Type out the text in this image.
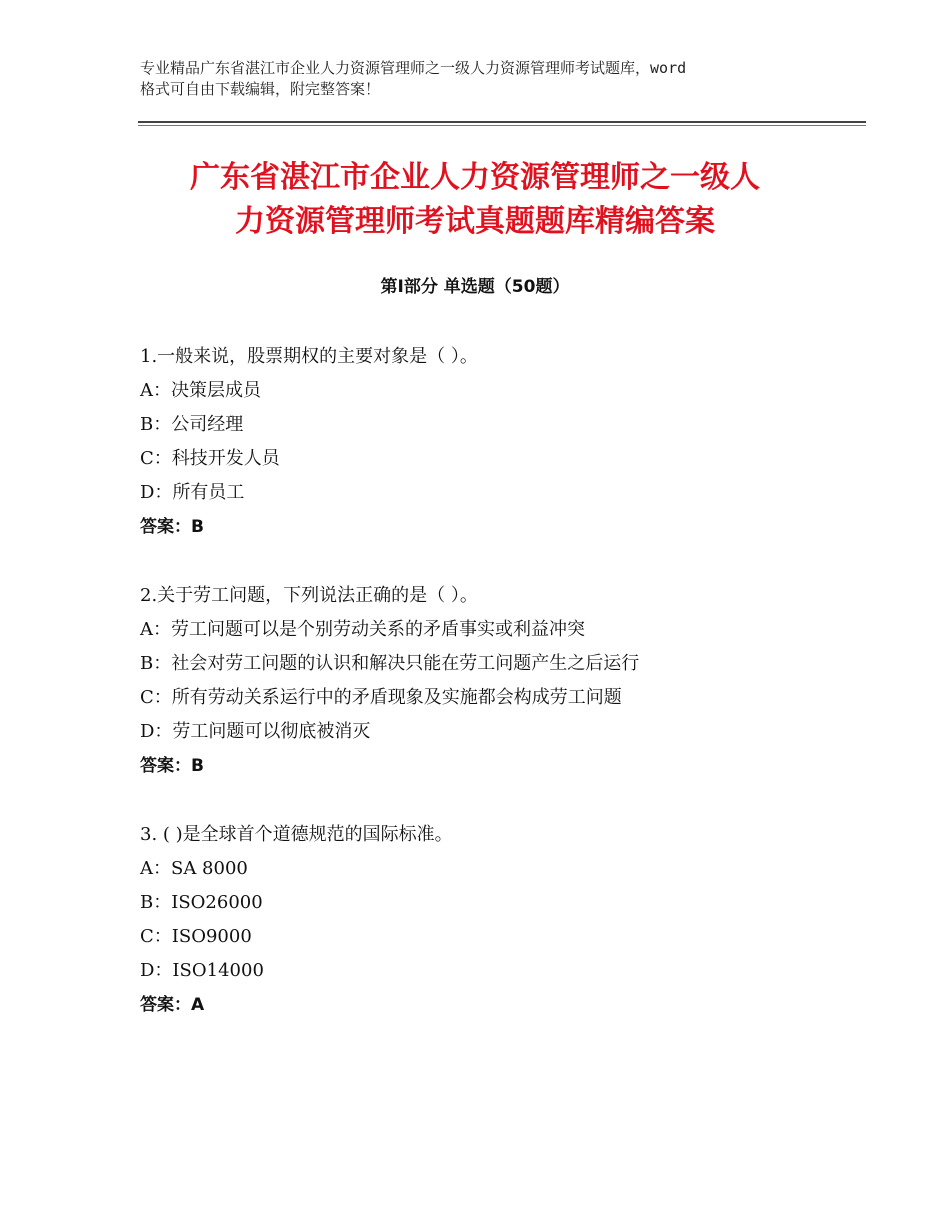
专业精品广东省湛江市企业人力资源管理师之一级人力资源管理师考试题库，word
格式可自由下载编辑，附完整答案！
广东省湛江市企业人力资源管理师之一级人
力资源管理师考试真题题库精编答案
第Ⅰ部分 单选题（50题）
1.一般来说，股票期权的主要对象是（ ）。
A：决策层成员
B：公司经理
C：科技开发人员
D：所有员工
答案：B
2.关于劳工问题，下列说法正确的是（ ）。
A：劳工问题可以是个别劳动关系的矛盾事实或利益冲突
B：社会对劳工问题的认识和解决只能在劳工问题产生之后运行
C：所有劳动关系运行中的矛盾现象及实施都会构成劳工问题
D：劳工问题可以彻底被消灭
答案：B
3. ( )是全球首个道德规范的国际标准。
A：SA 8000
B：ISO26000
C：ISO9000
D：ISO14000
答案：A
